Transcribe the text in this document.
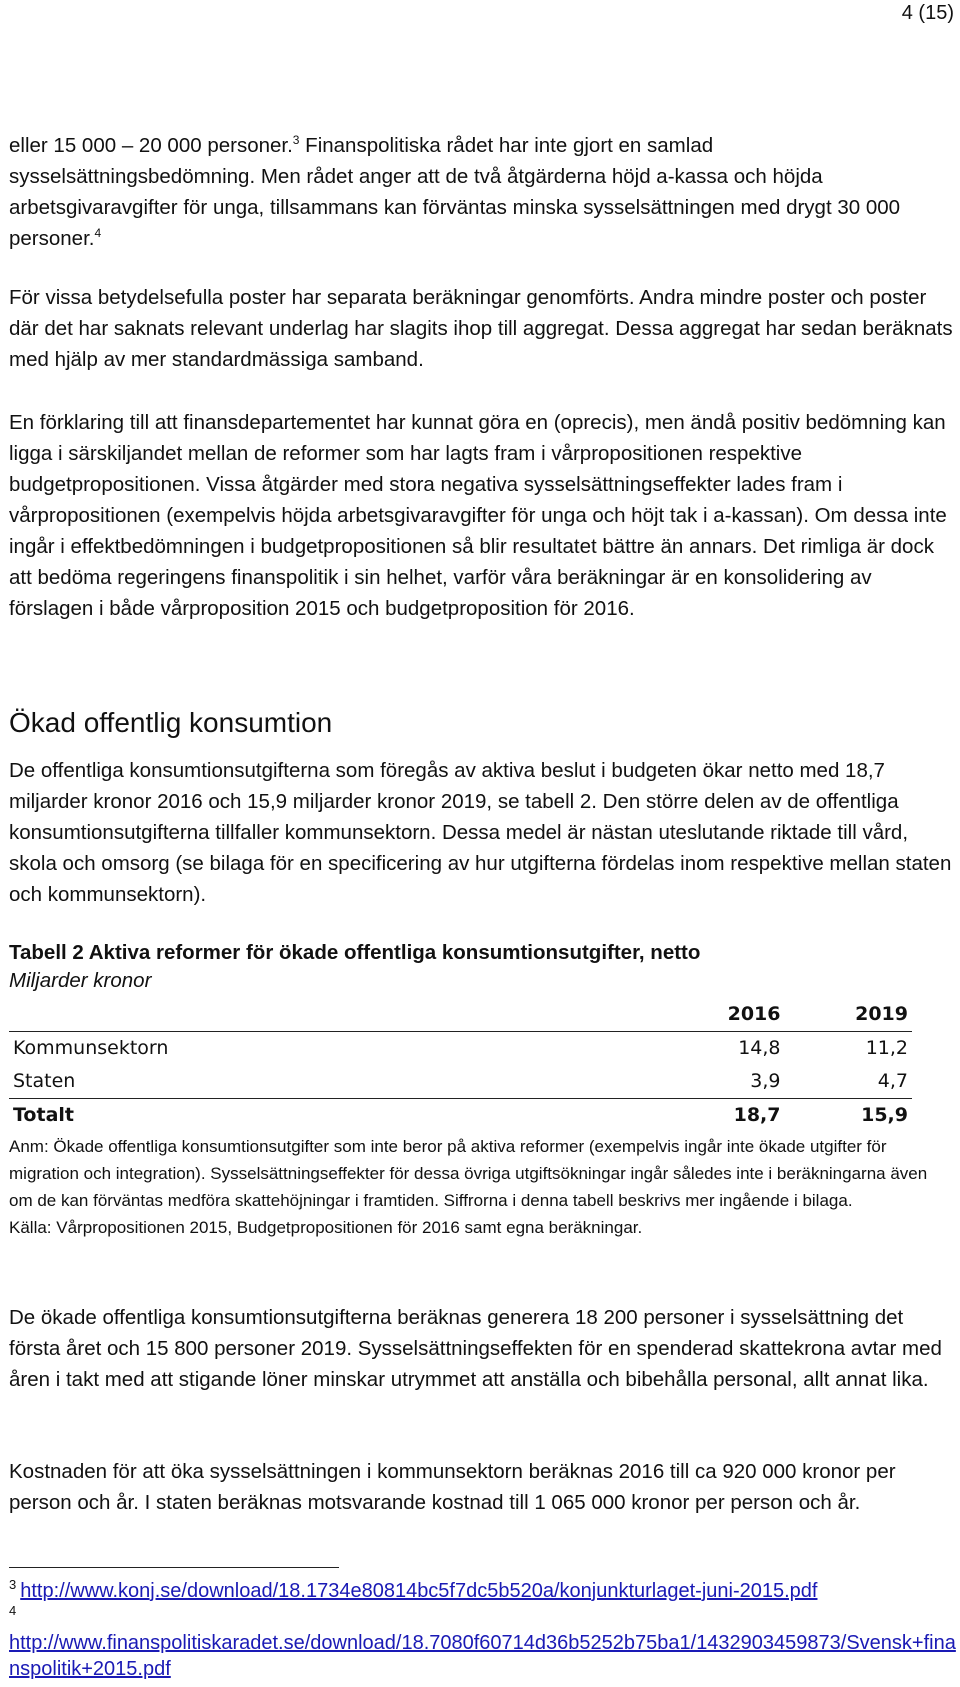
4 (15)

eller 15 000 – 20 000 personer.$^3$ Finanspolitiska rådet har inte gjort en samlad sysselsättningsbedömning. Men rådet anger att de två åtgärderna höjd a-kassa och höjda arbetsgivaravgifter för unga, tillsammans kan förväntas minska sysselsättningen med drygt 30 000 personer.$^4$

För vissa betydelsefulla poster har separata beräkningar genomförts. Andra mindre poster och poster där det har saknats relevant underlag har slagits ihop till aggregat. Dessa aggregat har sedan beräknats med hjälp av mer standardmässiga samband.

En förklaring till att finansdepartementet har kunnat göra en (oprecis), men ändå positiv bedömning kan ligga i särskiljandet mellan de reformer som har lagts fram i vårpropositionen respektive budgetpropositionen. Vissa åtgärder med stora negativa sysselsättningseffekter lades fram i vårpropositionen (exempelvis höjda arbetsgivaravgifter för unga och höjt tak i a-kassan). Om dessa inte ingår i effektbedömningen i budgetpropositionen så blir resultatet bättre än annars. Det rimliga är dock att bedöma regeringens finanspolitik i sin helhet, varför våra beräkningar är en konsolidering av förslagen i både vårproposition 2015 och budgetproposition för 2016.

Ökad offentlig konsumtion

De offentliga konsumtionsutgifterna som föregås av aktiva beslut i budgeten ökar netto med 18,7 miljarder kronor 2016 och 15,9 miljarder kronor 2019, se tabell 2. Den större delen av de offentliga konsumtionsutgifterna tillfaller kommunsektorn. Dessa medel är nästan uteslutande riktade till vård, skola och omsorg (se bilaga för en specificering av hur utgifterna fördelas inom respektive mellan staten och kommunsektorn).

Tabell 2 Aktiva reformer för ökade offentliga konsumtionsutgifter, netto
Miljarder kronor
	2016	2019
Kommunsektorn	14,8	11,2
Staten	3,9	4,7
Totalt	18,7	15,9
Anm: Ökade offentliga konsumtionsutgifter som inte beror på aktiva reformer (exempelvis ingår inte ökade utgifter för migration och integration). Sysselsättningseffekter för dessa övriga utgiftsökningar ingår således inte i beräkningarna även om de kan förväntas medföra skattehöjningar i framtiden. Siffrorna i denna tabell beskrivs mer ingående i bilaga.
Källa: Vårpropositionen 2015, Budgetpropositionen för 2016 samt egna beräkningar.

De ökade offentliga konsumtionsutgifterna beräknas generera 18 200 personer i sysselsättning det första året och 15 800 personer 2019. Sysselsättningseffekten för en spenderad skattekrona avtar med åren i takt med att stigande löner minskar utrymmet att anställa och bibehålla personal, allt annat lika.

Kostnaden för att öka sysselsättningen i kommunsektorn beräknas 2016 till ca 920 000 kronor per person och år. I staten beräknas motsvarande kostnad till 1 065 000 kronor per person och år.

$^3$ http://www.konj.se/download/18.1734e80814bc5f7dc5b520a/konjunkturlaget-juni-2015.pdf
$^4$
http://www.finanspolitiskaradet.se/download/18.7080f60714d36b5252b75ba1/1432903459873/Svensk+finanspolitik+2015.pdf
